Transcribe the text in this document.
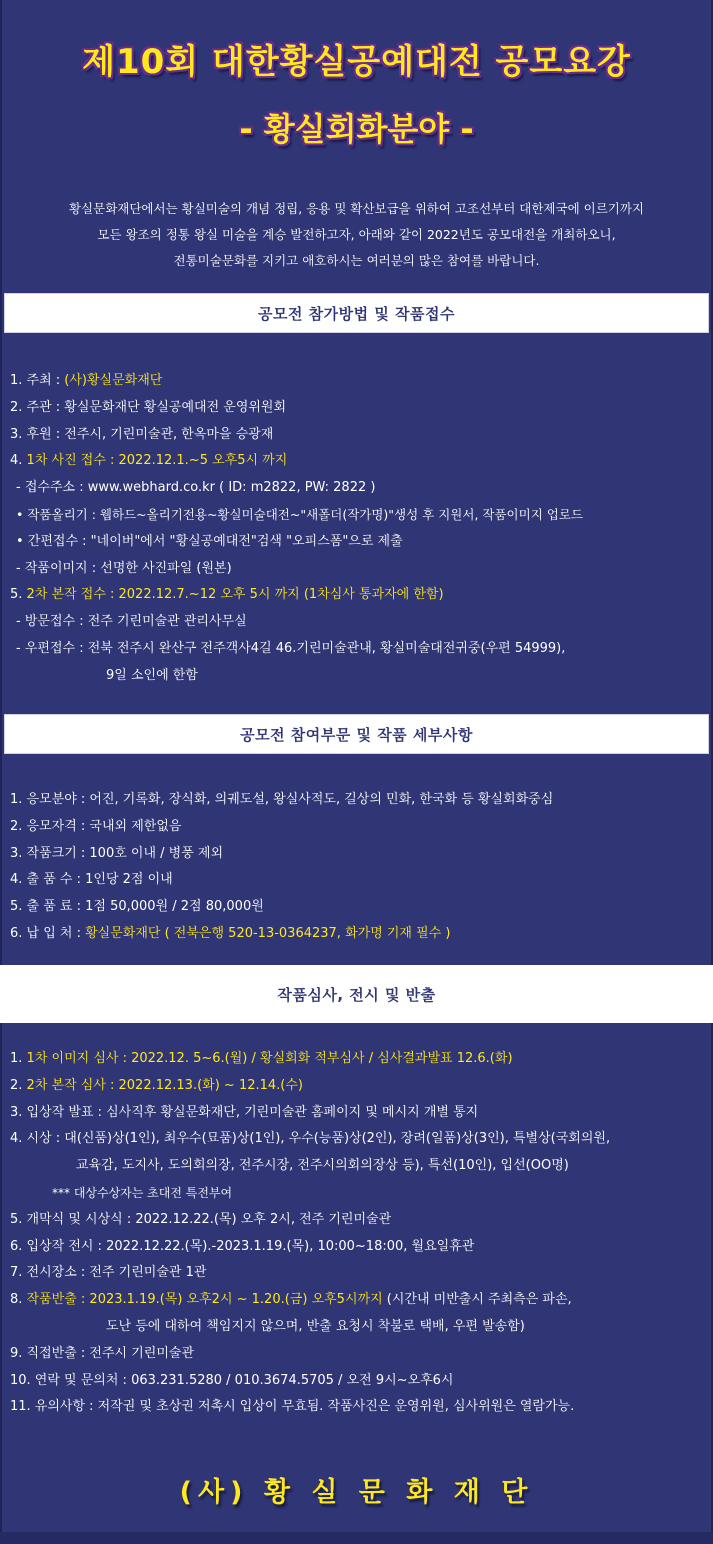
제10회 대한황실공예대전 공모요강
- 황실회화분야 -
황실문화재단에서는 황실미술의 개념 정립, 응용 및 확산보급을 위하여 고조선부터 대한제국에 이르기까지
모든 왕조의 정통 왕실 미술을 계승 발전하고자, 아래와 같이 2022년도 공모대전을 개최하오니,
전통미술문화를 지키고 애호하시는 여러분의 많은 참여를 바랍니다.
공모전 참가방법 및 작품접수
1. 주최 : (사)황실문화재단
2. 주관 : 황실문화재단 황실공예대전 운영위원회
3. 후원 : 전주시, 기린미술관, 한옥마을 승광재
4. 1차 사진 접수 : 2022.12.1.~5 오후5시 까지
- 접수주소 : www.webhard.co.kr ( ID: m2822, PW: 2822 )
• 작품올리기 : 웹하드~올리기전용~황실미술대전~"새폴더(작가명)"생성 후 지원서, 작품이미지 업로드
• 간편접수 : "네이버"에서 "황실공예대전"검색 "오피스폼"으로 제출
- 작품이미지 : 선명한 사진파일 (원본)
5. 2차 본작 접수 : 2022.12.7.~12 오후 5시 까지 (1차심사 통과자에 한함)
- 방문접수 : 전주 기린미술관 관리사무실
- 우편접수 : 전북 전주시 완산구 전주객사4길 46.기린미술관내, 황실미술대전귀중(우편 54999),
9일 소인에 한함
공모전 참여부문 및 작품 세부사항
1. 응모분야 : 어진, 기록화, 장식화, 의궤도설, 왕실사적도, 길상의 민화, 한국화 등 황실회화중심
2. 응모자격 : 국내외 제한없음
3. 작품크기 : 100호 이내 / 병풍 제외
4. 출 품 수 : 1인당 2점 이내
5. 출 품 료 : 1점 50,000원 / 2점 80,000원
6. 납 입 처 : 황실문화재단 ( 전북은행 520-13-0364237, 화가명 기재 필수 )
작품심사, 전시 및 반출
1. 1차 이미지 심사 : 2022.12. 5~6.(월) / 황실회화 적부심사 / 심사결과발표 12.6.(화)
2. 2차 본작 심사 : 2022.12.13.(화) ~ 12.14.(수)
3. 입상작 발표 : 심사직후 황실문화재단, 기린미술관 홈페이지 및 메시지 개별 통지
4. 시상 : 대(신품)상(1인), 최우수(묘품)상(1인), 우수(능품)상(2인), 장려(일품)상(3인), 특별상(국회의원,
교육감, 도지사, 도의회의장, 전주시장, 전주시의회의장상 등), 특선(10인), 입선(OO명)
*** 대상수상자는 초대전 특전부여
5. 개막식 및 시상식 : 2022.12.22.(목) 오후 2시, 전주 기린미술관
6. 입상작 전시 : 2022.12.22.(목).-2023.1.19.(목), 10:00~18:00, 월요일휴관
7. 전시장소 : 전주 기린미술관 1관
8. 작품반출 : 2023.1.19.(목) 오후2시 ~ 1.20.(금) 오후5시까지 (시간내 미반출시 주최측은 파손,
도난 등에 대하여 책임지지 않으며, 반출 요청시 착불로 택배, 우편 발송함)
9. 직접반출 : 전주시 기린미술관
10. 연락 및 문의처 : 063.231.5280 / 010.3674.5705 / 오전 9시~오후6시
11. 유의사항 : 저작권 및 초상권 저촉시 입상이 무효됨. 작품사진은 운영위원, 심사위원은 열람가능.
(사) 황 실 문 화 재 단
